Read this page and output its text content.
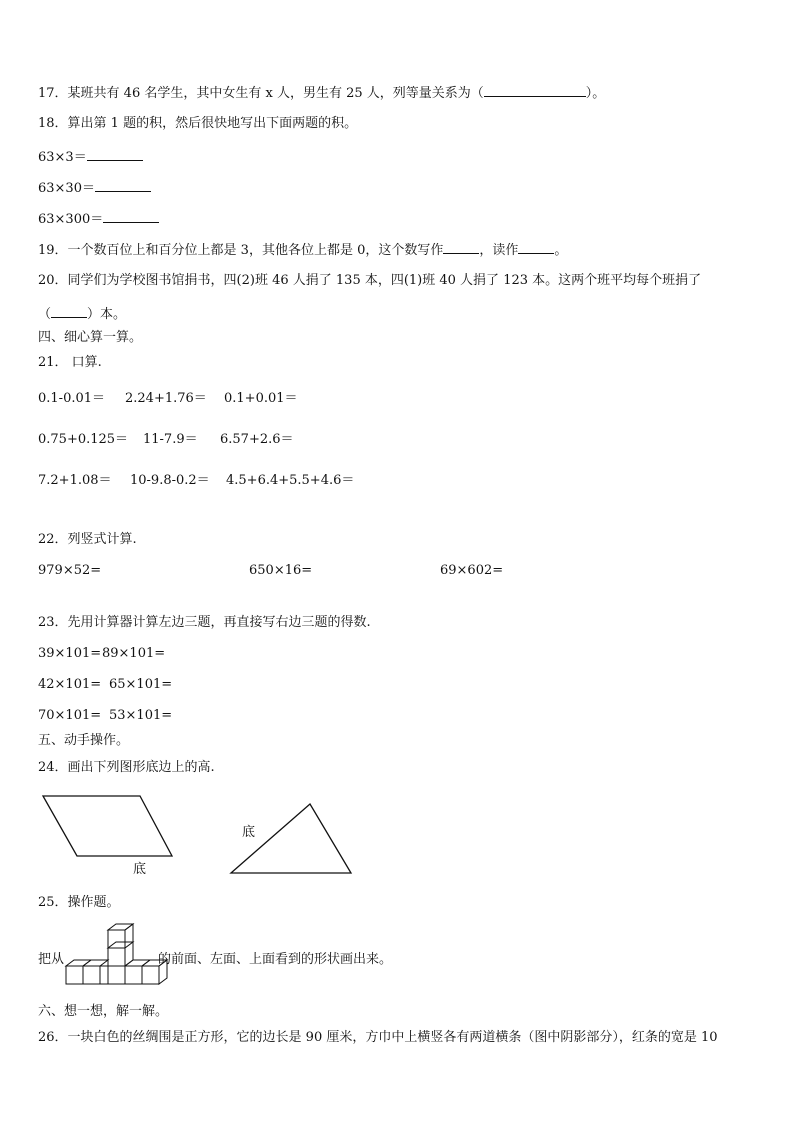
17．某班共有 46 名学生，其中女生有 x 人，男生有 25 人，列等量关系为（	）。
18．算出第 1 题的积，然后很快地写出下面两题的积。
63×3＝
63×30＝
63×300＝
19．一个数百位上和百分位上都是 3，其他各位上都是 0，这个数写作	，读作	。
20．同学们为学校图书馆捐书，四(2)班 46 人捐了 135 本，四(1)班 40 人捐了 123 本。这两个班平均每个班捐了
（	）本。
四、细心算一算。
21． 口算.
0.1-0.01＝ 2.24+1.76＝ 0.1+0.01＝
0.75+0.125＝ 11-7.9＝ 6.57+2.6＝
7.2+1.08＝ 10-9.8-0.2＝ 4.5+6.4+5.5+4.6＝
22．列竖式计算.
979×52=	650×16=	69×602=
23．先用计算器计算左边三题，再直接写右边三题的得数.
39×101= 89×101=
42×101= 65×101=
70×101= 53×101=
五、动手操作。
24．画出下列图形底边上的高.
底
底
25．操作题。
把从	的前面、左面、上面看到的形状画出来。
六、想一想，解一解。
26．一块白色的丝绸围是正方形，它的边长是 90 厘米，方巾中上横竖各有两道横条（图中阴影部分），红条的宽是 10
